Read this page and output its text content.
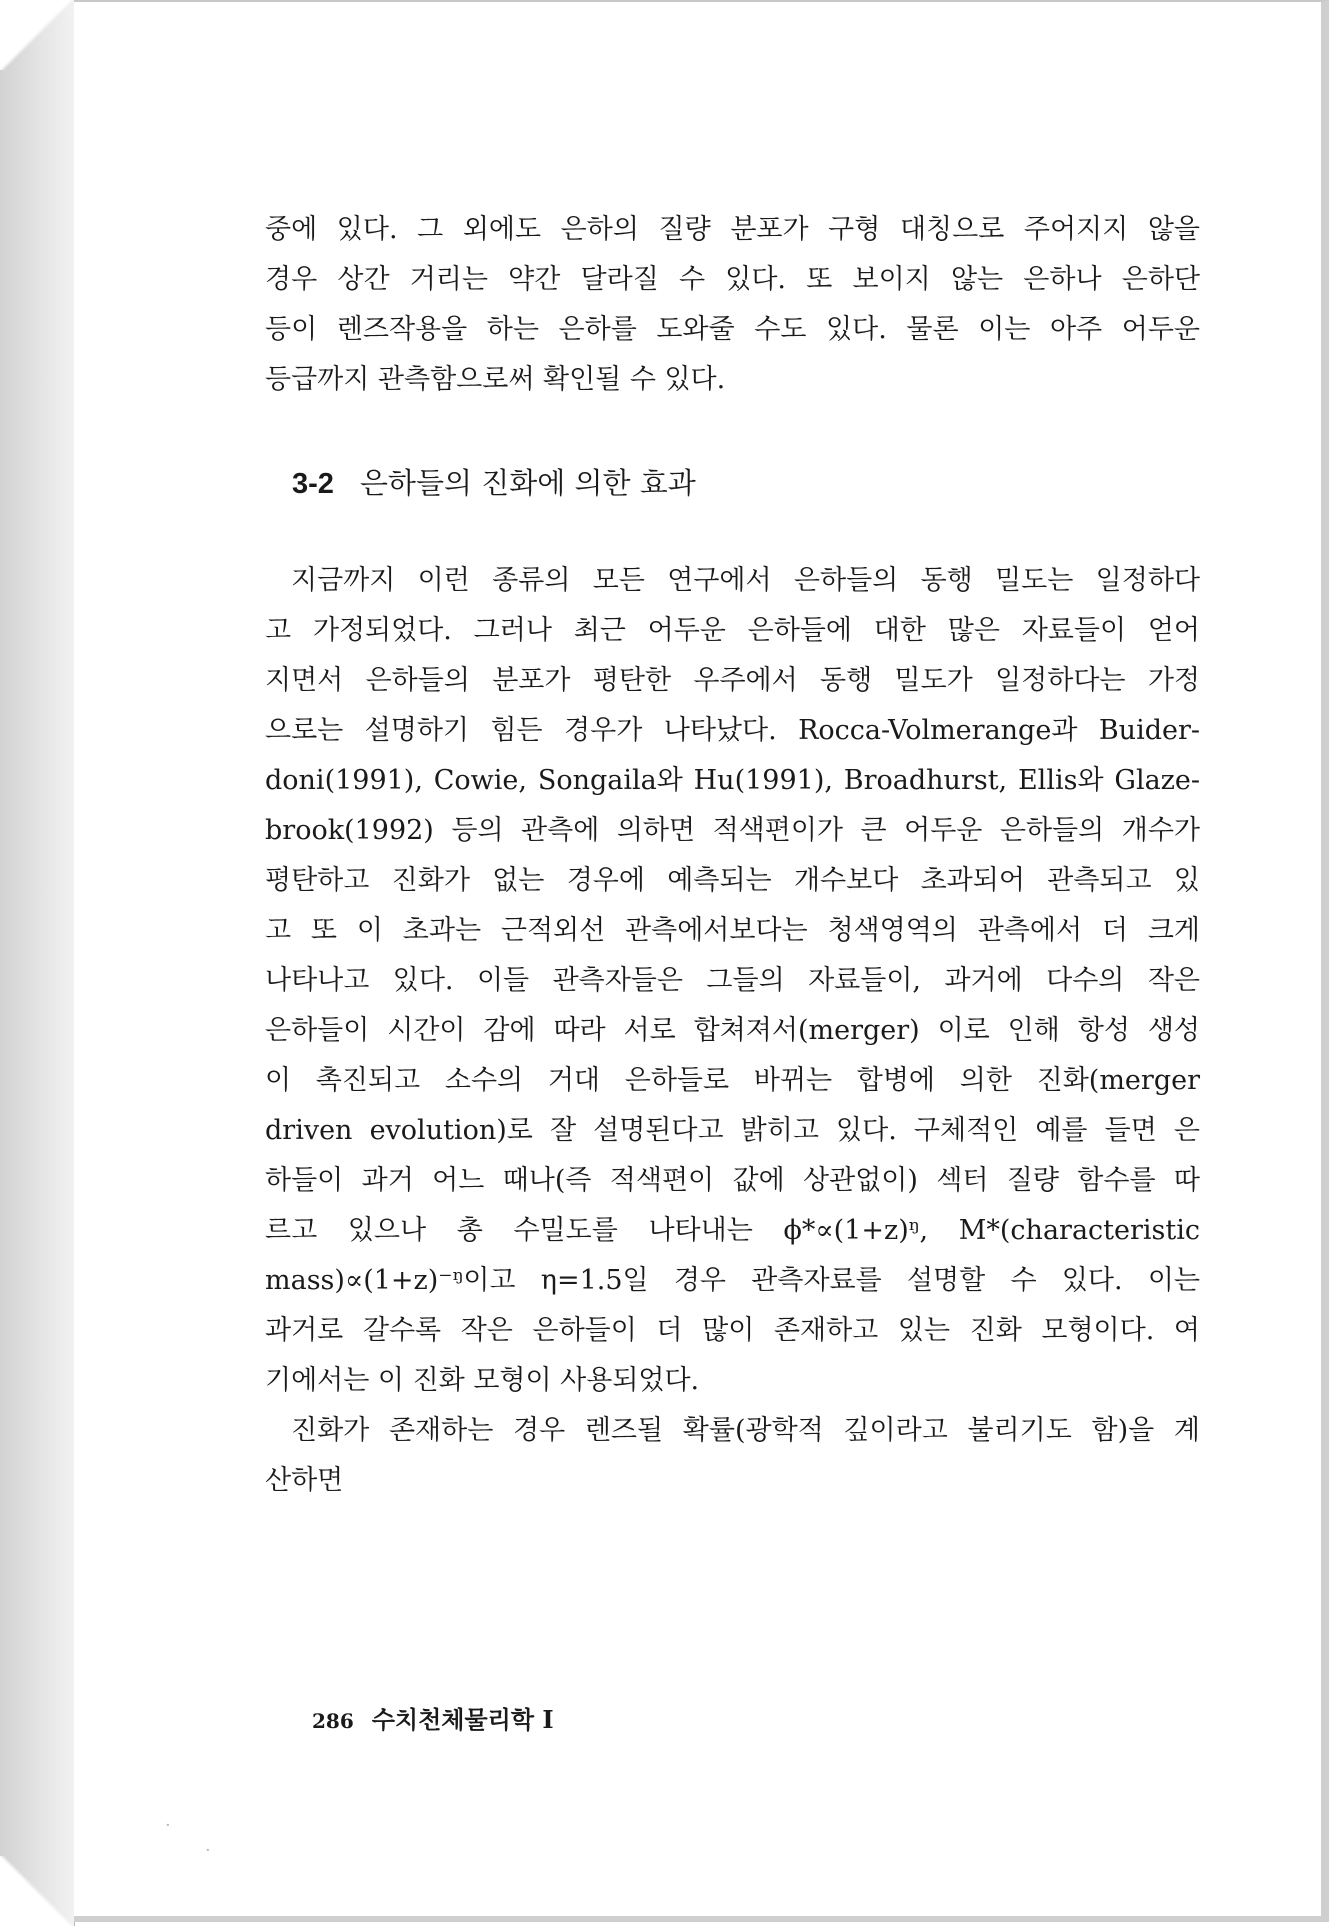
중에 있다. 그 외에도 은하의 질량 분포가 구형 대칭으로 주어지지 않을
경우 상간 거리는 약간 달라질 수 있다. 또 보이지 않는 은하나 은하단
등이 렌즈작용을 하는 은하를 도와줄 수도 있다. 물론 이는 아주 어두운
등급까지 관측함으로써 확인될 수 있다.
3-2 은하들의 진화에 의한 효과
지금까지 이런 종류의 모든 연구에서 은하들의 동행 밀도는 일정하다
고 가정되었다. 그러나 최근 어두운 은하들에 대한 많은 자료들이 얻어
지면서 은하들의 분포가 평탄한 우주에서 동행 밀도가 일정하다는 가정
으로는 설명하기 힘든 경우가 나타났다. Rocca-Volmerange과 Buider-
doni(1991), Cowie, Songaila와 Hu(1991), Broadhurst, Ellis와 Glaze-
brook(1992) 등의 관측에 의하면 적색편이가 큰 어두운 은하들의 개수가
평탄하고 진화가 없는 경우에 예측되는 개수보다 초과되어 관측되고 있
고 또 이 초과는 근적외선 관측에서보다는 청색영역의 관측에서 더 크게
나타나고 있다. 이들 관측자들은 그들의 자료들이, 과거에 다수의 작은
은하들이 시간이 감에 따라 서로 합쳐져서(merger) 이로 인해 항성 생성
이 촉진되고 소수의 거대 은하들로 바뀌는 합병에 의한 진화(merger
driven evolution)로 잘 설명된다고 밝히고 있다. 구체적인 예를 들면 은
하들이 과거 어느 때나(즉 적색편이 값에 상관없이) 섹터 질량 함수를 따
르고 있으나 총 수밀도를 나타내는 ϕ*∝(1+z)ᵑ, M*(characteristic
mass)∝(1+z)⁻ᵑ이고 η=1.5일 경우 관측자료를 설명할 수 있다. 이는
과거로 갈수록 작은 은하들이 더 많이 존재하고 있는 진화 모형이다. 여
기에서는 이 진화 모형이 사용되었다.
진화가 존재하는 경우 렌즈될 확률(광학적 깊이라고 불리기도 함)을 계
산하면
286 수치천체물리학 Ⅰ
·
·
